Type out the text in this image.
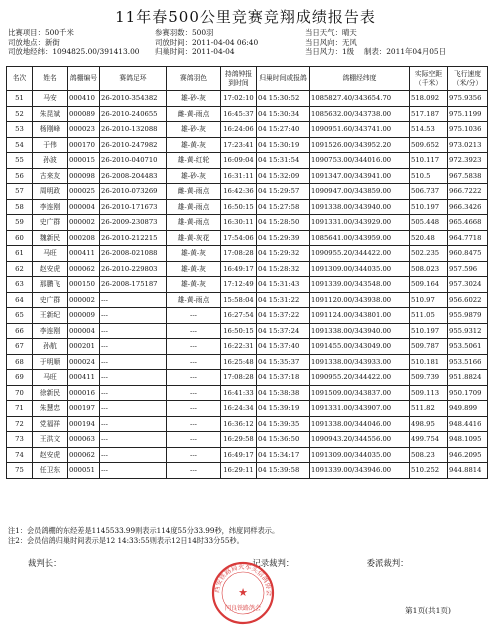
11年春500公里竞赛竞翔成绩报告表
比赛项目：500千米	参赛羽数：500羽	当日天气：晴天
司放地点：新街	司放时间：2011-04-04 06:40	当日风向：无风
司放地经纬：1094825.00/391413.00	归巢时间：2011-04-04	当日风力：1级 制表：2011年04月05日
名次	姓名	鸽棚编号	赛鸽足环	赛鸽羽色	持鸽钟报到时间	归巢时间或报鸽	鸽棚经纬度	实际空距（千米）	飞行速度（米/分）
51	马安	000410	26-2010-354382	雄-砂-灰	17:02:10	04 15:30:52	1085827.40/343654.70	518.092	975.9356
52	朱昆斌	000089	26-2010-240655	雌-黄-雨点	16:45:37	04 15:30:34	1085632.00/343738.00	517.187	975.1199
53	杨刚峰	000023	26-2010-132088	雄-砂-灰	16:24:06	04 15:27:40	1090951.60/343741.00	514.53	975.1036
54	于伟	000170	26-2010-247982	雄-黄-灰	17:23:41	04 15:30:19	1091526.00/343952.20	509.652	973.0213
55	孙波	000015	26-2010-040710	雄-黄-红轮	16:09:04	04 15:31:54	1090753.00/344016.00	510.117	972.3923
56	古来友	000098	26-2008-204483	雄-砂-灰	16:31:11	04 15:32:09	1091347.00/343941.00	510.5	967.5838
57	周明政	000025	26-2010-073269	雌-黄-雨点	16:42:36	04 15:29:57	1090947.00/343859.00	506.737	966.7222
58	李连刚	000004	26-2010-171673	雄-黄-雨点	16:50:15	04 15:27:58	1091338.00/343940.00	510.197	966.3426
59	史广群	000002	26-2009-230873	雄-黄-雨点	16:30:11	04 15:28:50	1091331.00/343929.00	505.448	965.4668
60	魏新民	000208	26-2010-212215	雄-黄-灰花	17:54:06	04 15:29:39	1085641.00/343959.00	520.48	964.7718
61	马旺	000411	26-2008-021088	雄-黄-灰	17:08:28	04 15:29:32	1090955.20/344422.00	502.235	960.8475
62	赵安虎	000062	26-2010-229803	雄-黄-灰	16:49:17	04 15:28:32	1091309.00/344035.00	508.023	957.596
63	那鹏飞	000150	26-2008-175187	雄-黄-灰	17:12:49	04 15:31:43	1091339.00/343548.00	509.164	957.3024
64	史广群	000002	---	雄-黄-雨点	15:58:04	04 15:31:22	1091120.00/343938.00	510.97	956.6022
65	王新纪	000009	---	---	16:27:54	04 15:37:22	1091124.00/343801.00	511.05	955.9879
66	李连刚	000004	---	---	16:50:15	04 15:37:24	1091338.00/343940.00	510.197	955.9312
67	孙航	000201	---	---	16:22:31	04 15:37:40	1091455.00/343049.00	509.787	953.5061
68	于明顺	000024	---	---	16:25:48	04 15:35:37	1091338.00/343933.00	510.181	953.5166
69	马旺	000411	---	---	17:08:28	04 15:37:18	1090955.20/344422.00	509.739	951.8824
70	徐新民	000016	---	---	16:41:33	04 15:38:38	1091509.00/343837.00	509.113	950.1709
71	朱慧忠	000197	---	---	16:24:34	04 15:39:19	1091331.00/343907.00	511.82	949.899
72	党福祥	000194	---	---	16:36:12	04 15:39:35	1091338.00/344046.00	498.95	948.4416
73	王洪文	000063	---	---	16:29:58	04 15:36:50	1090943.20/344556.00	499.754	948.1095
74	赵安虎	000062	---	---	16:49:17	04 15:34:17	1091309.00/344035.00	508.23	946.2095
75	任卫东	000051	---	---	16:29:11	04 15:39:58	1091339.00/343946.00	510.252	944.8814
注1：会员鸽棚的东经差是1145533.99则表示114度55分33.99秒，纬度同样表示。
注2：会员信鸽归巢时间表示是12 14:33:55则表示12日14时33分55秒。
裁判长：	记录裁判：	委派裁判：
西安铁路局火车头信鸽协会
★
闫良铁路鸽会	第1页(共1页)
